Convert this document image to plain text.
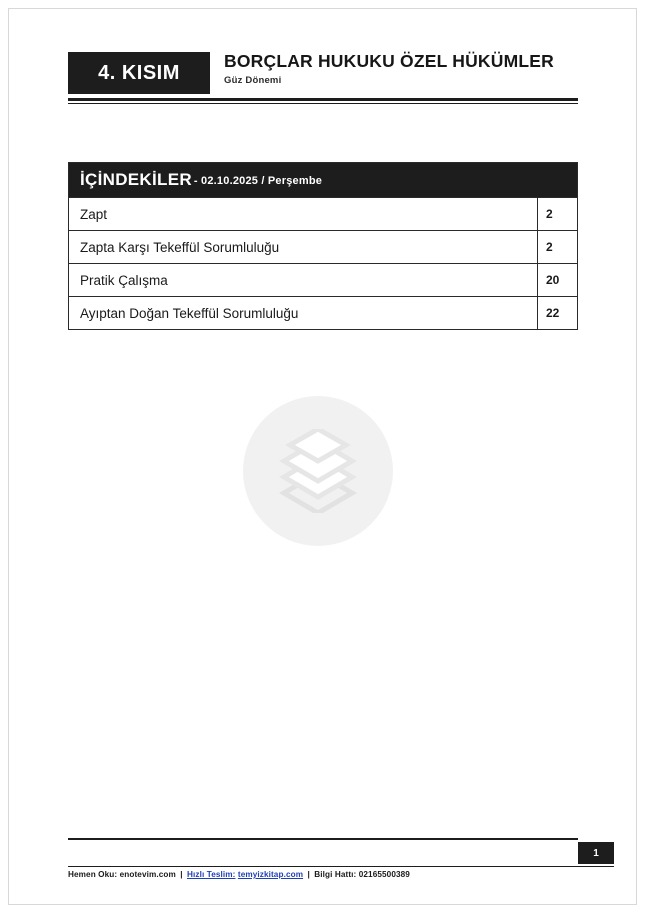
4. KISIM
BORÇLAR HUKUKU ÖZEL HÜKÜMLER
Güz Dönemi
İÇİNDEKİLER - 02.10.2025 / Perşembe
Zapt	2
Zapta Karşı Tekeffül Sorumluluğu	2
Pratik Çalışma	20
Ayıptan Doğan Tekeffül Sorumluluğu	22
1
Hemen Oku: enotevim.com | Hızlı Teslim: temyizkitap.com | Bilgi Hattı: 02165500389
